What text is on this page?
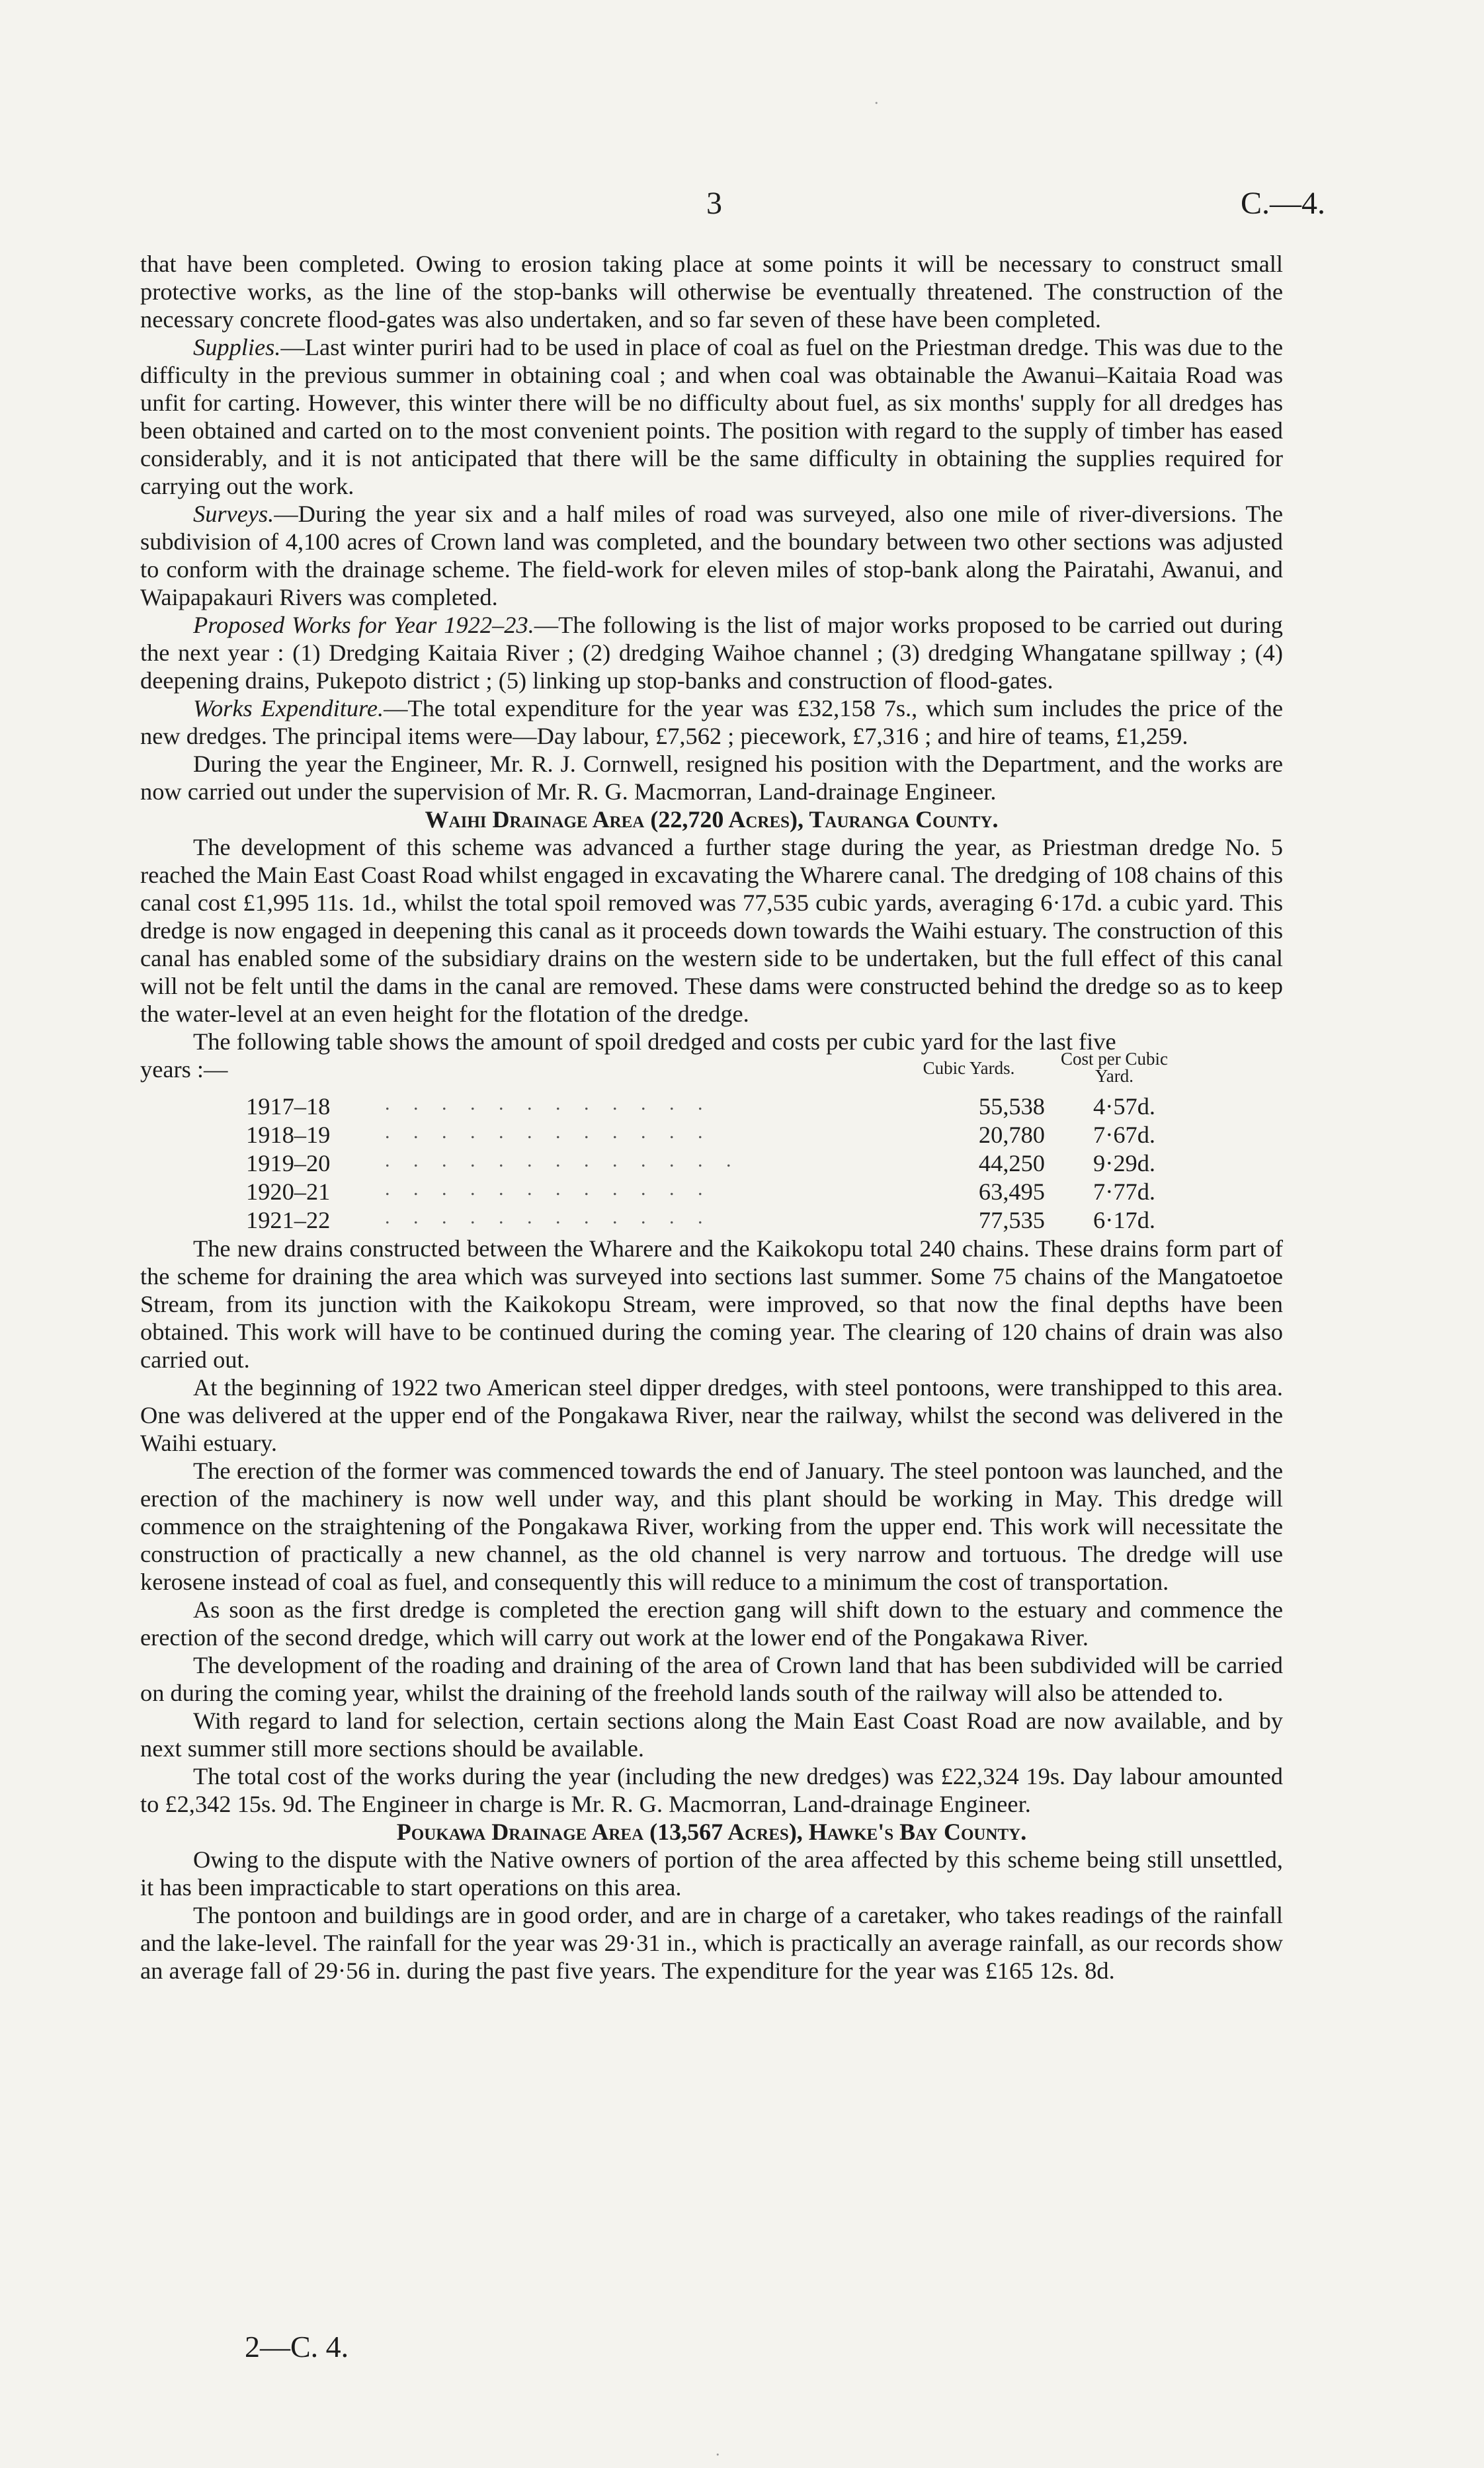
.
3	C.—4.

that have been completed. Owing to erosion taking place at some points it will be necessary to construct small protective works, as the line of the stop-banks will otherwise be eventually threatened. The construction of the necessary concrete flood-gates was also undertaken, and so far seven of these have been completed.

Supplies.—Last winter puriri had to be used in place of coal as fuel on the Priestman dredge. This was due to the difficulty in the previous summer in obtaining coal ; and when coal was obtainable the Awanui–Kaitaia Road was unfit for carting. However, this winter there will be no difficulty about fuel, as six months' supply for all dredges has been obtained and carted on to the most convenient points. The position with regard to the supply of timber has eased considerably, and it is not anticipated that there will be the same difficulty in obtaining the supplies required for carrying out the work.

Surveys.—During the year six and a half miles of road was surveyed, also one mile of river-diversions. The subdivision of 4,100 acres of Crown land was completed, and the boundary between two other sections was adjusted to conform with the drainage scheme. The field-work for eleven miles of stop-bank along the Pairatahi, Awanui, and Waipapakauri Rivers was completed.

Proposed Works for Year 1922–23.—The following is the list of major works proposed to be carried out during the next year : (1) Dredging Kaitaia River ; (2) dredging Waihoe channel ; (3) dredging Whangatane spillway ; (4) deepening drains, Pukepoto district ; (5) linking up stop-banks and construction of flood-gates.

Works Expenditure.—The total expenditure for the year was £32,158 7s., which sum includes the price of the new dredges. The principal items were—Day labour, £7,562 ; piecework, £7,316 ; and hire of teams, £1,259.

During the year the Engineer, Mr. R. J. Cornwell, resigned his position with the Department, and the works are now carried out under the supervision of Mr. R. G. Macmorran, Land-drainage Engineer.

Waihi Drainage Area (22,720 Acres), Tauranga County.

The development of this scheme was advanced a further stage during the year, as Priestman dredge No. 5 reached the Main East Coast Road whilst engaged in excavating the Wharere canal. The dredging of 108 chains of this canal cost £1,995 11s. 1d., whilst the total spoil removed was 77,535 cubic yards, averaging 6·17d. a cubic yard. This dredge is now engaged in deepening this canal as it proceeds down towards the Waihi estuary. The construction of this canal has enabled some of the subsidiary drains on the western side to be undertaken, but the full effect of this canal will not be felt until the dams in the canal are removed. These dams were constructed behind the dredge so as to keep the water-level at an even height for the flotation of the dredge.

The following table shows the amount of spoil dredged and costs per cubic yard for the last five
years :—	Cubic Yards.	Cost per Cubic Yard.
1917–18	. . . . . . . . . . . .	55,538	4·57d.
1918–19	. . . . . . . . . . . .	20,780	7·67d.
1919–20	. . . . . . . . . . . . .	44,250	9·29d.
1920–21	. . . . . . . . . . . .	63,495	7·77d.
1921–22	. . . . . . . . . . . .	77,535	6·17d.

The new drains constructed between the Wharere and the Kaikokopu total 240 chains. These drains form part of the scheme for draining the area which was surveyed into sections last summer. Some 75 chains of the Mangatoetoe Stream, from its junction with the Kaikokopu Stream, were improved, so that now the final depths have been obtained. This work will have to be continued during the coming year. The clearing of 120 chains of drain was also carried out.

At the beginning of 1922 two American steel dipper dredges, with steel pontoons, were transhipped to this area. One was delivered at the upper end of the Pongakawa River, near the railway, whilst the second was delivered in the Waihi estuary.

The erection of the former was commenced towards the end of January. The steel pontoon was launched, and the erection of the machinery is now well under way, and this plant should be working in May. This dredge will commence on the straightening of the Pongakawa River, working from the upper end. This work will necessitate the construction of practically a new channel, as the old channel is very narrow and tortuous. The dredge will use kerosene instead of coal as fuel, and consequently this will reduce to a minimum the cost of transportation.

As soon as the first dredge is completed the erection gang will shift down to the estuary and commence the erection of the second dredge, which will carry out work at the lower end of the Pongakawa River.

The development of the roading and draining of the area of Crown land that has been subdivided will be carried on during the coming year, whilst the draining of the freehold lands south of the railway will also be attended to.

With regard to land for selection, certain sections along the Main East Coast Road are now available, and by next summer still more sections should be available.

The total cost of the works during the year (including the new dredges) was £22,324 19s. Day labour amounted to £2,342 15s. 9d. The Engineer in charge is Mr. R. G. Macmorran, Land-drainage Engineer.

Poukawa Drainage Area (13,567 Acres), Hawke's Bay County.

Owing to the dispute with the Native owners of portion of the area affected by this scheme being still unsettled, it has been impracticable to start operations on this area.

The pontoon and buildings are in good order, and are in charge of a caretaker, who takes readings of the rainfall and the lake-level. The rainfall for the year was 29·31 in., which is practically an average rainfall, as our records show an average fall of 29·56 in. during the past five years. The expenditure for the year was £165 12s. 8d.

2—C. 4.
.
